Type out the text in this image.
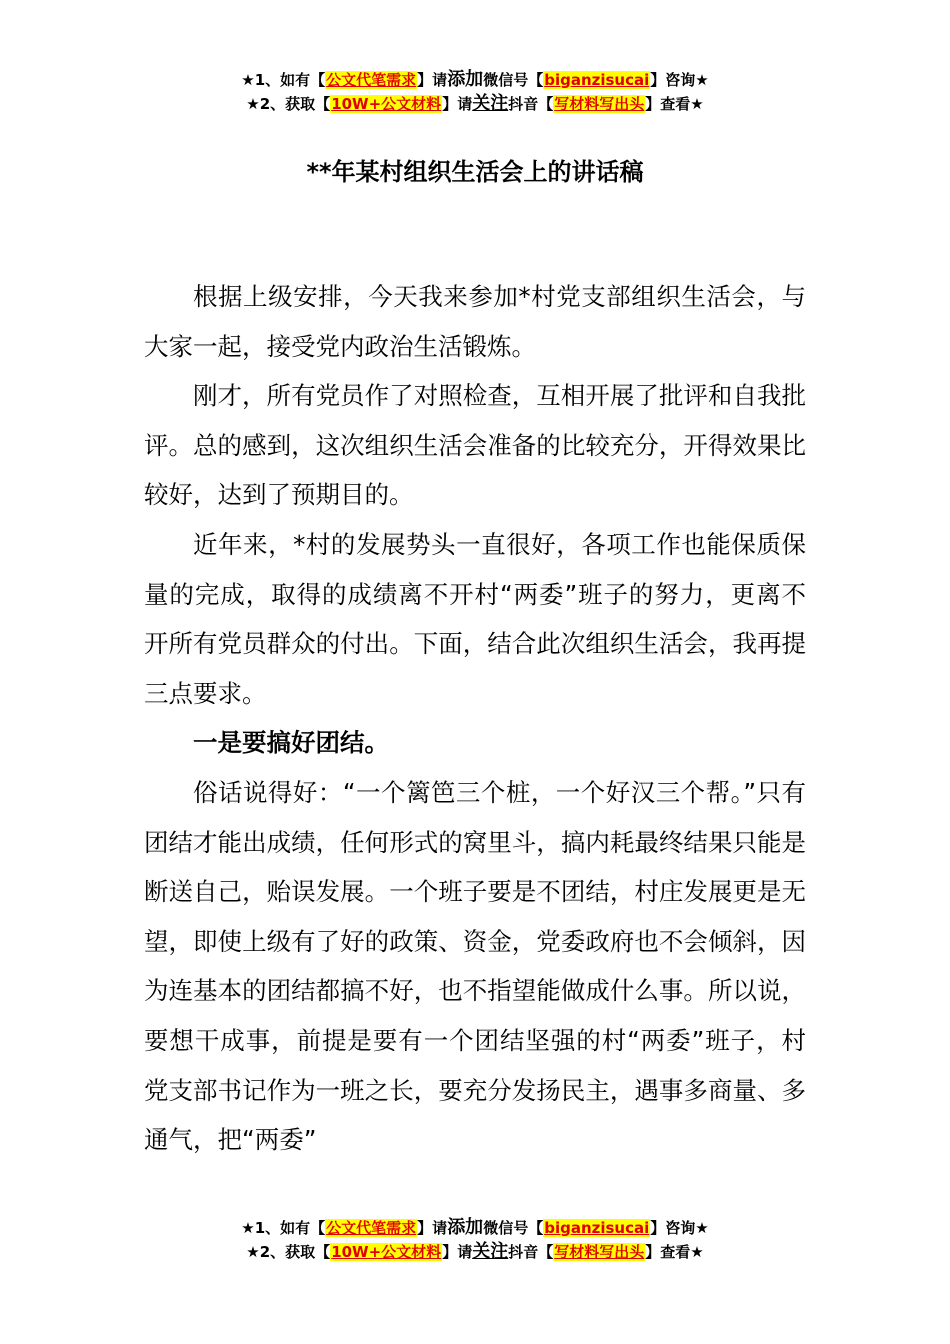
★1、如有【公文代笔需求】请添加微信号【biganzisucai】咨询★
★2、获取【10W+公文材料】请关注抖音【写材料写出头】查看★
**年某村组织生活会上的讲话稿

根据上级安排，今天我来参加*村党支部组织生活会，与大家一起，接受党内政治生活锻炼。

刚才，所有党员作了对照检查，互相开展了批评和自我批评。总的感到，这次组织生活会准备的比较充分，开得效果比较好，达到了预期目的。

近年来，*村的发展势头一直很好，各项工作也能保质保量的完成，取得的成绩离不开村“两委”班子的努力，更离不开所有党员群众的付出。下面，结合此次组织生活会，我再提三点要求。

一是要搞好团结。

俗话说得好：“一个篱笆三个桩，一个好汉三个帮。”只有团结才能出成绩，任何形式的窝里斗，搞内耗最终结果只能是断送自己，贻误发展。一个班子要是不团结，村庄发展更是无望，即使上级有了好的政策、资金，党委政府也不会倾斜，因为连基本的团结都搞不好，也不指望能做成什么事。所以说，要想干成事，前提是要有一个团结坚强的村“两委”班子，村党支部书记作为一班之长，要充分发扬民主，遇事多商量、多通气，把“两委”

★1、如有【公文代笔需求】请添加微信号【biganzisucai】咨询★
★2、获取【10W+公文材料】请关注抖音【写材料写出头】查看★
